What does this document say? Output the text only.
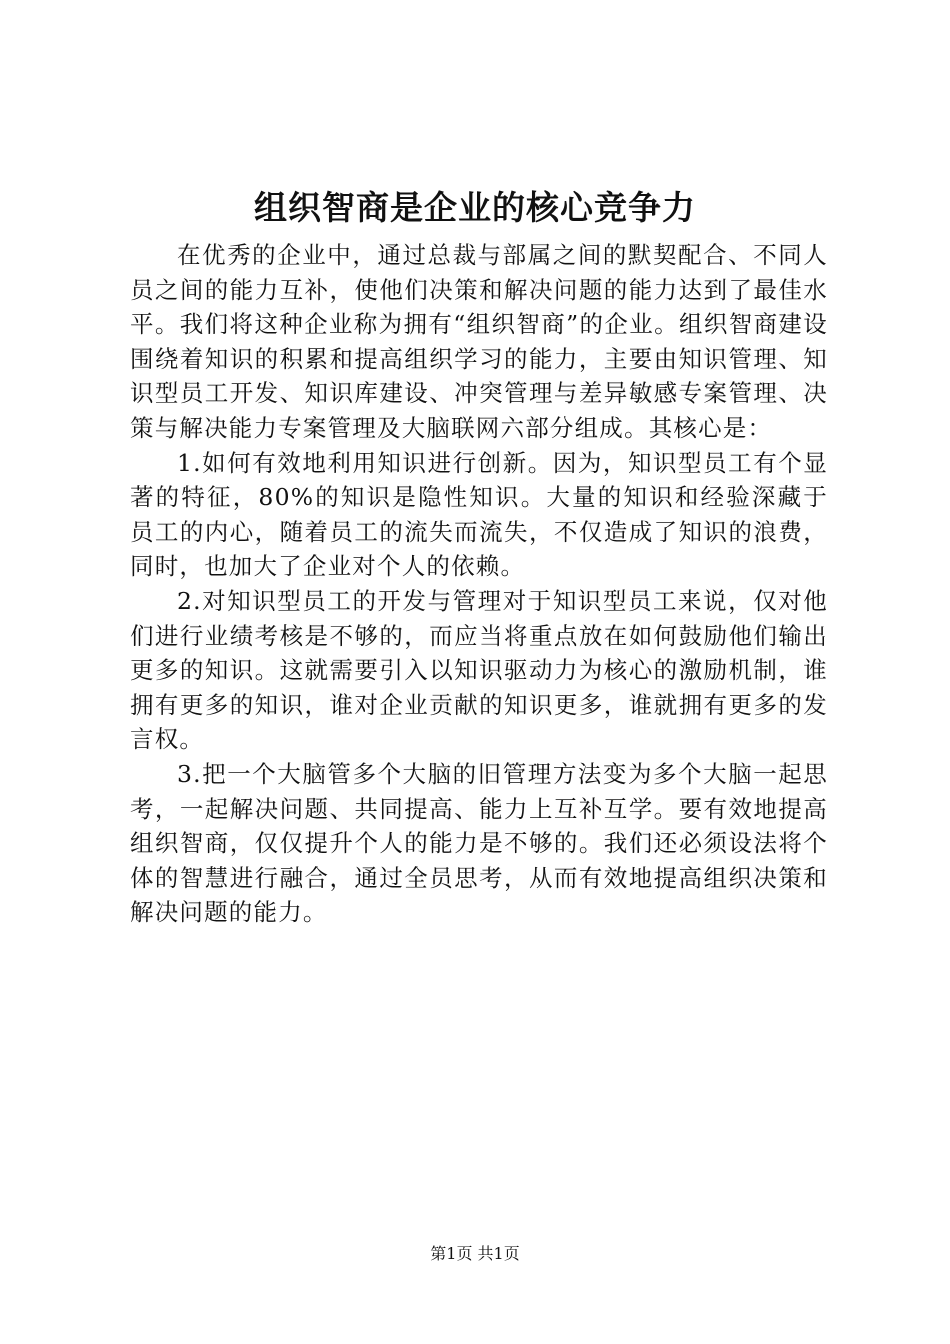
组织智商是企业的核心竞争力

在优秀的企业中，通过总裁与部属之间的默契配合、不同人员之间的能力互补，使他们决策和解决问题的能力达到了最佳水平。我们将这种企业称为拥有“组织智商”的企业。组织智商建设围绕着知识的积累和提高组织学习的能力，主要由知识管理、知识型员工开发、知识库建设、冲突管理与差异敏感专案管理、决策与解决能力专案管理及大脑联网六部分组成。其核心是：

1.如何有效地利用知识进行创新。因为，知识型员工有个显著的特征，80%的知识是隐性知识。大量的知识和经验深藏于员工的内心，随着员工的流失而流失，不仅造成了知识的浪费，同时，也加大了企业对个人的依赖。

2.对知识型员工的开发与管理对于知识型员工来说，仅对他们进行业绩考核是不够的，而应当将重点放在如何鼓励他们输出更多的知识。这就需要引入以知识驱动力为核心的激励机制，谁拥有更多的知识，谁对企业贡献的知识更多，谁就拥有更多的发言权。

3.把一个大脑管多个大脑的旧管理方法变为多个大脑一起思考，一起解决问题、共同提高、能力上互补互学。要有效地提高组织智商，仅仅提升个人的能力是不够的。我们还必须设法将个体的智慧进行融合，通过全员思考，从而有效地提高组织决策和解决问题的能力。

第1页 共1页
